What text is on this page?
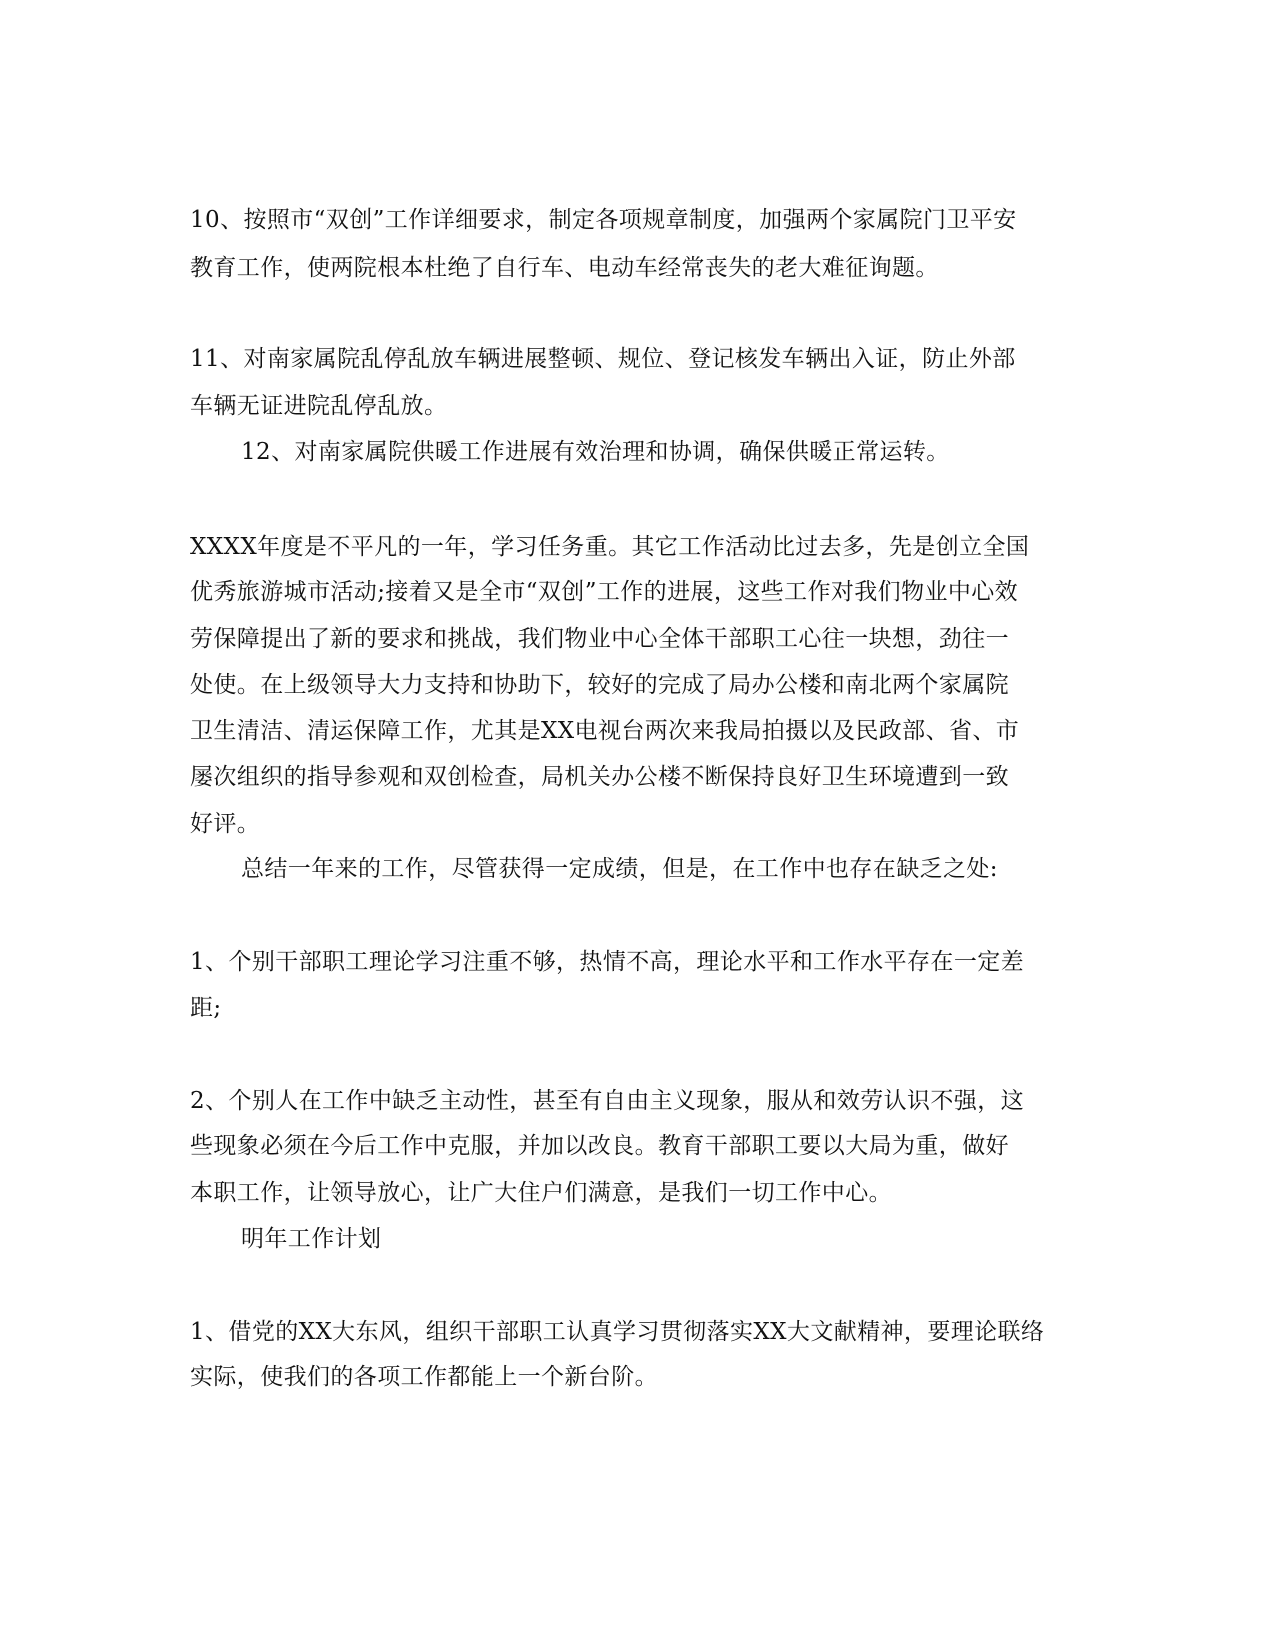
10、按照市“双创”工作详细要求，制定各项规章制度，加强两个家属院门卫平安
教育工作，使两院根本杜绝了自行车、电动车经常丧失的老大难征询题。
11、对南家属院乱停乱放车辆进展整顿、规位、登记核发车辆出入证，防止外部
车辆无证进院乱停乱放。
12、对南家属院供暖工作进展有效治理和协调，确保供暖正常运转。
XXXX年度是不平凡的一年，学习任务重。其它工作活动比过去多，先是创立全国
优秀旅游城市活动;接着又是全市“双创”工作的进展，这些工作对我们物业中心效
劳保障提出了新的要求和挑战，我们物业中心全体干部职工心往一块想，劲往一
处使。在上级领导大力支持和协助下，较好的完成了局办公楼和南北两个家属院
卫生清洁、清运保障工作，尤其是XX电视台两次来我局拍摄以及民政部、省、市
屡次组织的指导参观和双创检查，局机关办公楼不断保持良好卫生环境遭到一致
好评。
总结一年来的工作，尽管获得一定成绩，但是，在工作中也存在缺乏之处:
1、个别干部职工理论学习注重不够，热情不高，理论水平和工作水平存在一定差
距;
2、个别人在工作中缺乏主动性，甚至有自由主义现象，服从和效劳认识不强，这
些现象必须在今后工作中克服，并加以改良。教育干部职工要以大局为重，做好
本职工作，让领导放心，让广大住户们满意，是我们一切工作中心。
明年工作计划
1、借党的XX大东风，组织干部职工认真学习贯彻落实XX大文献精神，要理论联络
实际，使我们的各项工作都能上一个新台阶。
